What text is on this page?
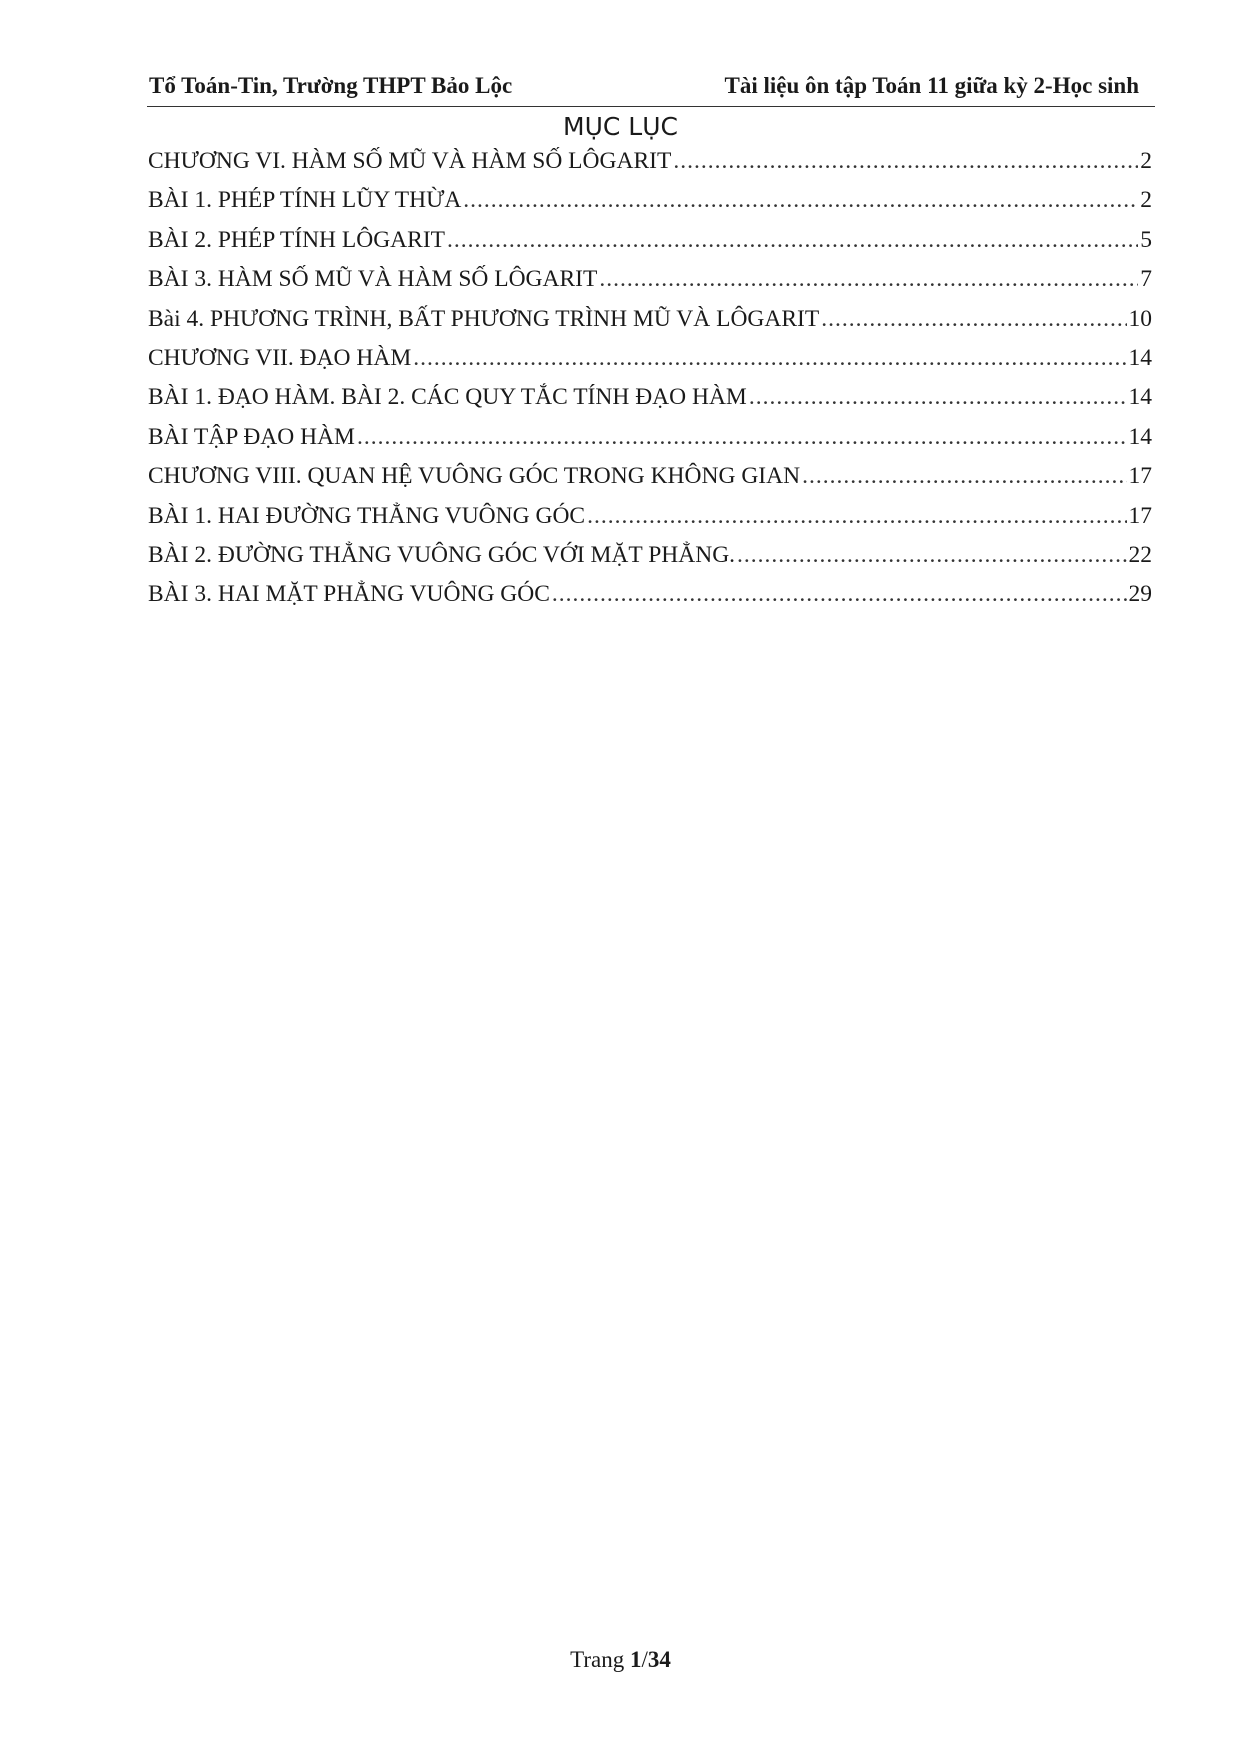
Tổ Toán-Tin, Trường THPT Bảo Lộc	Tài liệu ôn tập Toán 11 giữa kỳ 2-Học sinh
MỤC LỤC
CHƯƠNG VI. HÀM SỐ MŨ VÀ HÀM SỐ LÔGARIT .....	2
BÀI 1. PHÉP TÍNH LŨY THỪA .....	2
BÀI 2. PHÉP TÍNH LÔGARIT .....	5
BÀI 3. HÀM SỐ MŨ VÀ HÀM SỐ LÔGARIT .....	7
Bài 4. PHƯƠNG TRÌNH, BẤT PHƯƠNG TRÌNH MŨ VÀ LÔGARIT .....	10
CHƯƠNG VII. ĐẠO HÀM .....	14
BÀI 1. ĐẠO HÀM. BÀI 2. CÁC QUY TẮC TÍNH ĐẠO HÀM .....	14
BÀI TẬP ĐẠO HÀM .....	14
CHƯƠNG VIII. QUAN HỆ VUÔNG GÓC TRONG KHÔNG GIAN .....	17
BÀI 1. HAI ĐƯỜNG THẲNG VUÔNG GÓC .....	17
BÀI 2. ĐƯỜNG THẲNG VUÔNG GÓC VỚI MẶT PHẲNG. .....	22
BÀI 3. HAI MẶT PHẲNG VUÔNG GÓC .....	29
Trang 1/34
